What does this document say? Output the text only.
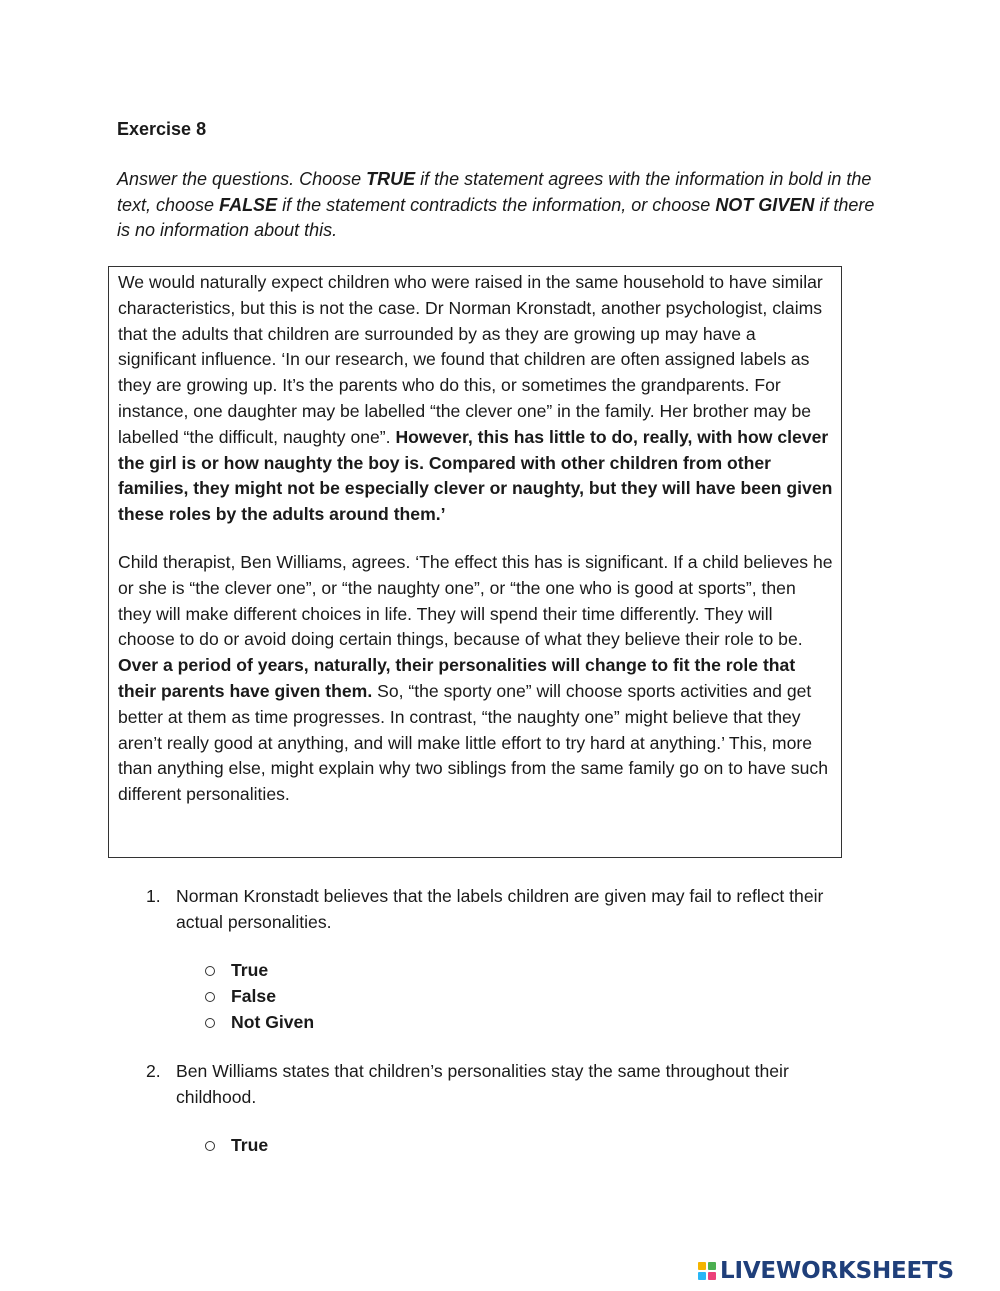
Exercise 8
Answer the questions. Choose TRUE if the statement agrees with the information in bold in the text, choose FALSE if the statement contradicts the information, or choose NOT GIVEN if there is no information about this.

We would naturally expect children who were raised in the same household to have similar characteristics, but this is not the case. Dr Norman Kronstadt, another psychologist, claims that the adults that children are surrounded by as they are growing up may have a significant influence. ‘In our research, we found that children are often assigned labels as they are growing up. It’s the parents who do this, or sometimes the grandparents. For instance, one daughter may be labelled “the clever one” in the family. Her brother may be labelled “the difficult, naughty one”. However, this has little to do, really, with how clever the girl is or how naughty the boy is. Compared with other children from other families, they might not be especially clever or naughty, but they will have been given these roles by the adults around them.’

Child therapist, Ben Williams, agrees. ‘The effect this has is significant. If a child believes he or she is “the clever one”, or “the naughty one”, or “the one who is good at sports”, then they will make different choices in life. They will spend their time differently. They will choose to do or avoid doing certain things, because of what they believe their role to be. Over a period of years, naturally, their personalities will change to fit the role that their parents have given them. So, “the sporty one” will choose sports activities and get better at them as time progresses. In contrast, “the naughty one” might believe that they aren’t really good at anything, and will make little effort to try hard at anything.’ This, more than anything else, might explain why two siblings from the same family go on to have such different personalities.

1. Norman Kronstadt believes that the labels children are given may fail to reflect their actual personalities.
True
False
Not Given
2. Ben Williams states that children’s personalities stay the same throughout their childhood.
True
LIVEWORKSHEETS
